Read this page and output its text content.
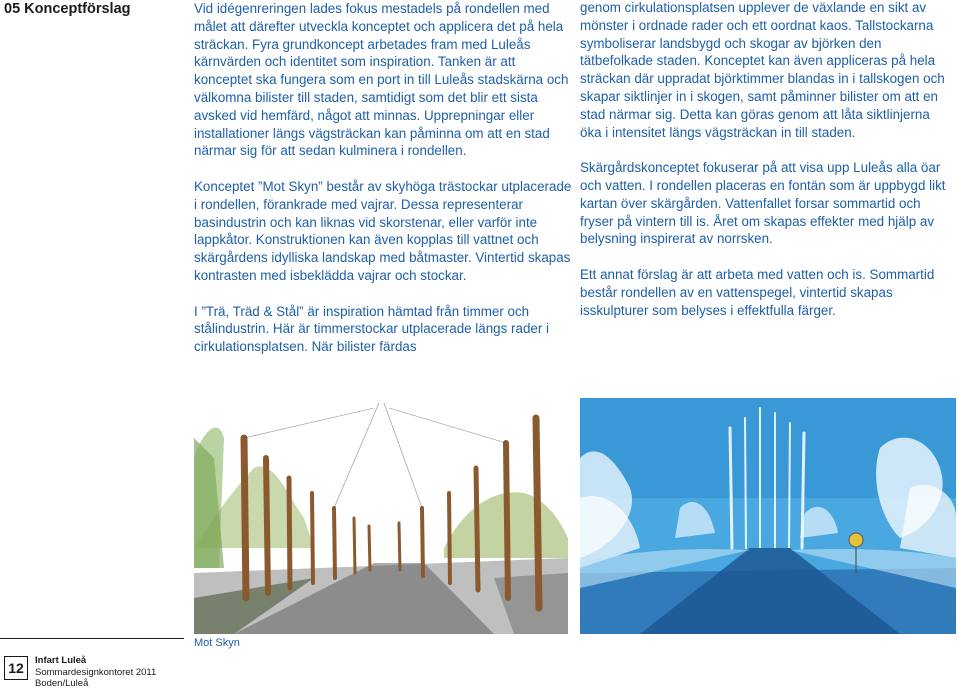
05 Konceptförslag	Vid idégenreringen lades fokus mestadels på rondellen med målet att därefter utveckla konceptet och applicera det på hela sträckan. Fyra grundkoncept arbetades fram med Luleås kärnvärden och identitet som inspiration. Tanken är att konceptet ska fungera som en port in till Luleås stadskärna och välkomna bilister till staden, samtidigt som det blir ett sista avsked vid hemfärd, något att minnas. Upprepningar eller installationer längs vägsträckan kan påminna om att en stad närmar sig för att sedan kulminera i rondellen.

Konceptet ”Mot Skyn” består av skyhöga trästockar utplacerade i rondellen, förankrade med vajrar. Dessa representerar basindustrin och kan liknas vid skorstenar, eller varför inte lappkåtor. Konstruktionen kan även kopplas till vattnet och skärgårdens idylliska landskap med båtmaster. Vintertid skapas kontrasten med isbeklädda vajrar och stockar.

I ”Trä, Träd & Stål” är inspiration hämtad från timmer och stålindustrin. Här är timmerstockar utplacerade längs rader i cirkulationsplatsen. När bilister färdas

genom cirkulationsplatsen upplever de växlande en sikt av mönster i ordnade rader och ett oordnat kaos. Tallstockarna symboliserar landsbygd och skogar av björken den tätbefolkade staden. Konceptet kan även appliceras på hela sträckan där uppradat björktimmer blandas in i tallskogen och skapar siktlinjer in i skogen, samt påminner bilister om att en stad närmar sig. Detta kan göras genom att låta siktlinjerna öka i intensitet längs vägsträckan in till staden.

Skärgårdskonceptet fokuserar på att visa upp Luleås alla öar och vatten. I rondellen placeras en fontän som är uppbygd likt kartan över skärgården. Vattenfallet forsar sommartid och fryser på vintern till is. Året om skapas effekter med hjälp av belysning inspirerat av norrsken.

Ett annat förslag är att arbeta med vatten och is. Sommartid består rondellen av en vattenspegel, vintertid skapas isskulpturer som belyses i effektfulla färger.

Mot Skyn

12	Infart Luleå
Sommardesignkontoret 2011
Boden/Luleå
